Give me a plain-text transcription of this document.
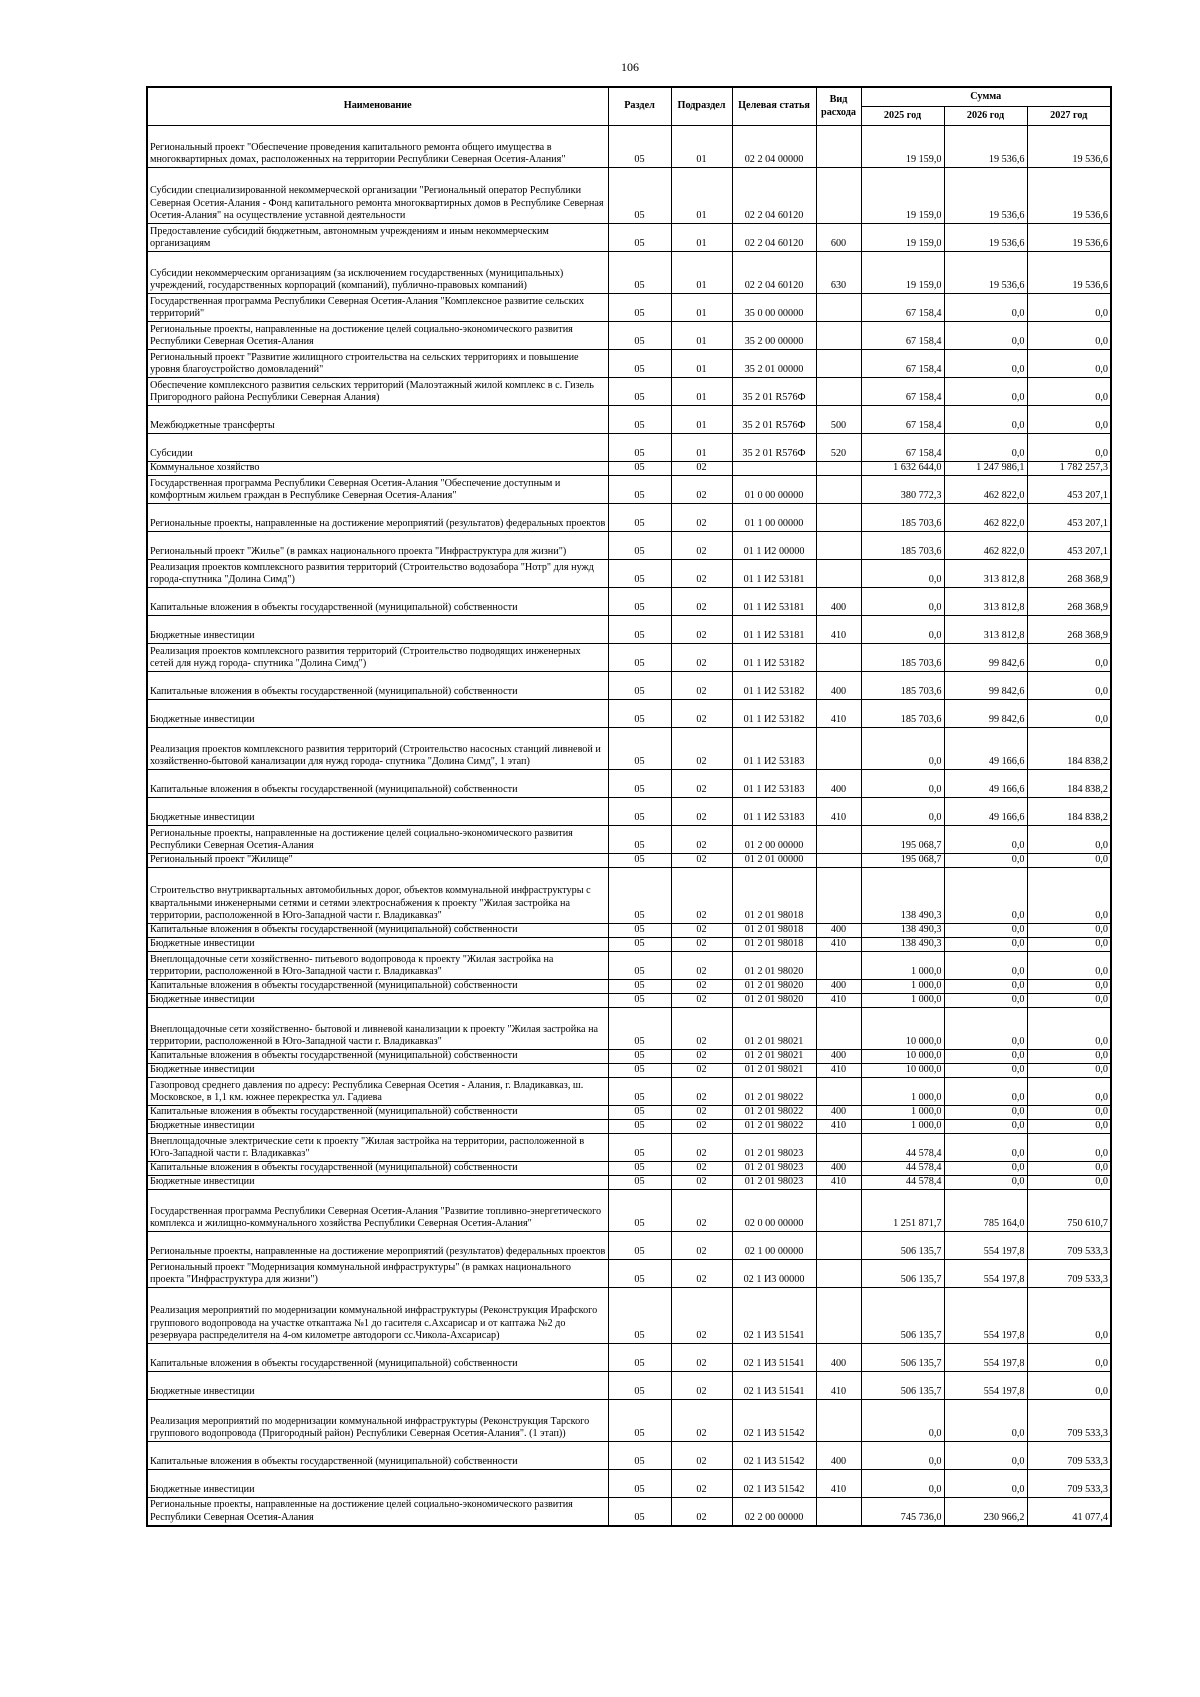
106
Наименование	Раздел	Подраздел	Целевая статья	Вид расхода	Сумма		
					2025 год	2026 год	2027 год
Региональный проект "Обеспечение проведения капитального ремонта общего имущества в многоквартирных домах, расположенных на территории Республики Северная Осетия-Алания"	05	01	02 2 04 00000		19 159,0	19 536,6	19 536,6
Субсидии специализированной некоммерческой организации "Региональный оператор Республики Северная Осетия-Алания - Фонд капитального ремонта многоквартирных домов в Республике Северная Осетия-Алания" на осуществление уставной деятельности	05	01	02 2 04 60120		19 159,0	19 536,6	19 536,6
Предоставление субсидий бюджетным, автономным учреждениям и иным некоммерческим организациям	05	01	02 2 04 60120	600	19 159,0	19 536,6	19 536,6
Субсидии некоммерческим организациям (за исключением государственных (муниципальных) учреждений, государственных корпораций (компаний), публично-правовых компаний)	05	01	02 2 04 60120	630	19 159,0	19 536,6	19 536,6
Государственная программа Республики Северная Осетия-Алания "Комплексное развитие сельских территорий"	05	01	35 0 00 00000		67 158,4	0,0	0,0
Региональные проекты, направленные на достижение целей социально-экономического развития Республики Северная Осетия-Алания	05	01	35 2 00 00000		67 158,4	0,0	0,0
Региональный проект "Развитие жилищного строительства на сельских территориях и повышение уровня благоустройство домовладений"	05	01	35 2 01 00000		67 158,4	0,0	0,0
Обеспечение комплексного развития сельских территорий (Малоэтажный жилой комплекс в с. Гизель Пригородного района Республики Северная Алания)	05	01	35 2 01 R576Ф		67 158,4	0,0	0,0
Межбюджетные трансферты	05	01	35 2 01 R576Ф	500	67 158,4	0,0	0,0
Субсидии	05	01	35 2 01 R576Ф	520	67 158,4	0,0	0,0
Коммунальное хозяйство	05	02			1 632 644,0	1 247 986,1	1 782 257,3
Государственная программа Республики Северная Осетия-Алания "Обеспечение доступным и комфортным жильем граждан в Республике Северная Осетия-Алания"	05	02	01 0 00 00000		380 772,3	462 822,0	453 207,1
Региональные проекты, направленные на достижение мероприятий (результатов) федеральных проектов	05	02	01 1 00 00000		185 703,6	462 822,0	453 207,1
Региональный проект "Жилье" (в рамках национального проекта "Инфраструктура для жизни")	05	02	01 1 И2 00000		185 703,6	462 822,0	453 207,1
Реализация проектов комплексного развития территорий (Строительство водозабора "Нотр" для нужд города-спутника "Долина Симд")	05	02	01 1 И2 53181		0,0	313 812,8	268 368,9
Капитальные вложения в объекты государственной (муниципальной) собственности	05	02	01 1 И2 53181	400	0,0	313 812,8	268 368,9
Бюджетные инвестиции	05	02	01 1 И2 53181	410	0,0	313 812,8	268 368,9
Реализация проектов комплексного развития территорий (Строительство подводящих инженерных сетей для нужд города- спутника "Долина Симд")	05	02	01 1 И2 53182		185 703,6	99 842,6	0,0
Капитальные вложения в объекты государственной (муниципальной) собственности	05	02	01 1 И2 53182	400	185 703,6	99 842,6	0,0
Бюджетные инвестиции	05	02	01 1 И2 53182	410	185 703,6	99 842,6	0,0
Реализация проектов комплексного развития территорий (Строительство насосных станций ливневой и хозяйственно-бытовой канализации для нужд города- спутника "Долина Симд", 1 этап)	05	02	01 1 И2 53183		0,0	49 166,6	184 838,2
Капитальные вложения в объекты государственной (муниципальной) собственности	05	02	01 1 И2 53183	400	0,0	49 166,6	184 838,2
Бюджетные инвестиции	05	02	01 1 И2 53183	410	0,0	49 166,6	184 838,2
Региональные проекты, направленные на достижение целей социально-экономического развития Республики Северная Осетия-Алания	05	02	01 2 00 00000		195 068,7	0,0	0,0
Региональный проект "Жилище"	05	02	01 2 01 00000		195 068,7	0,0	0,0
Строительство внутриквартальных автомобильных дорог, объектов коммунальной инфраструктуры с квартальными инженерными сетями и сетями электроснабжения к проекту "Жилая застройка на территории, расположенной в Юго-Западной части г. Владикавказ"	05	02	01 2 01 98018		138 490,3	0,0	0,0
Капитальные вложения в объекты государственной (муниципальной) собственности	05	02	01 2 01 98018	400	138 490,3	0,0	0,0
Бюджетные инвестиции	05	02	01 2 01 98018	410	138 490,3	0,0	0,0
Внеплощадочные сети хозяйственно- питьевого водопровода к проекту "Жилая застройка на территории, расположенной в Юго-Западной части г. Владикавказ"	05	02	01 2 01 98020		1 000,0	0,0	0,0
Капитальные вложения в объекты государственной (муниципальной) собственности	05	02	01 2 01 98020	400	1 000,0	0,0	0,0
Бюджетные инвестиции	05	02	01 2 01 98020	410	1 000,0	0,0	0,0
Внеплощадочные сети хозяйственно- бытовой и ливневой канализации к проекту "Жилая застройка на территории, расположенной в Юго-Западной части г. Владикавказ"	05	02	01 2 01 98021		10 000,0	0,0	0,0
Капитальные вложения в объекты государственной (муниципальной) собственности	05	02	01 2 01 98021	400	10 000,0	0,0	0,0
Бюджетные инвестиции	05	02	01 2 01 98021	410	10 000,0	0,0	0,0
Газопровод среднего давления по адресу: Республика Северная Осетия - Алания, г. Владикавказ, ш. Московское, в 1,1 км. южнее перекрестка ул. Гадиева	05	02	01 2 01 98022		1 000,0	0,0	0,0
Капитальные вложения в объекты государственной (муниципальной) собственности	05	02	01 2 01 98022	400	1 000,0	0,0	0,0
Бюджетные инвестиции	05	02	01 2 01 98022	410	1 000,0	0,0	0,0
Внеплощадочные электрические сети к проекту "Жилая застройка на территории, расположенной в Юго-Западной части г. Владикавказ"	05	02	01 2 01 98023		44 578,4	0,0	0,0
Капитальные вложения в объекты государственной (муниципальной) собственности	05	02	01 2 01 98023	400	44 578,4	0,0	0,0
Бюджетные инвестиции	05	02	01 2 01 98023	410	44 578,4	0,0	0,0
Государственная программа Республики Северная Осетия-Алания "Развитие топливно-энергетического комплекса и жилищно-коммунального хозяйства Республики Северная Осетия-Алания"	05	02	02 0 00 00000		1 251 871,7	785 164,0	750 610,7
Региональные проекты, направленные на достижение мероприятий (результатов) федеральных проектов	05	02	02 1 00 00000		506 135,7	554 197,8	709 533,3
Региональный проект "Модернизация коммунальной инфраструктуры" (в рамках национального проекта "Инфраструктура для жизни")	05	02	02 1 И3 00000		506 135,7	554 197,8	709 533,3
Реализация мероприятий по модернизации коммунальной инфраструктуры (Реконструкция Ирафского группового водопровода на участке откаптажа №1 до гасителя с.Ахсарисар и от каптажа №2 до резервуара распределителя на 4-ом километре автодороги сс.Чикола-Ахсарисар)	05	02	02 1 И3 51541		506 135,7	554 197,8	0,0
Капитальные вложения в объекты государственной (муниципальной) собственности	05	02	02 1 И3 51541	400	506 135,7	554 197,8	0,0
Бюджетные инвестиции	05	02	02 1 И3 51541	410	506 135,7	554 197,8	0,0
Реализация мероприятий по модернизации коммунальной инфраструктуры (Реконструкция Тарского группового водопровода (Пригородный район) Республики Северная Осетия-Алания". (1 этап))	05	02	02 1 И3 51542		0,0	0,0	709 533,3
Капитальные вложения в объекты государственной (муниципальной) собственности	05	02	02 1 И3 51542	400	0,0	0,0	709 533,3
Бюджетные инвестиции	05	02	02 1 И3 51542	410	0,0	0,0	709 533,3
Региональные проекты, направленные на достижение целей социально-экономического развития Республики Северная Осетия-Алания	05	02	02 2 00 00000		745 736,0	230 966,2	41 077,4
